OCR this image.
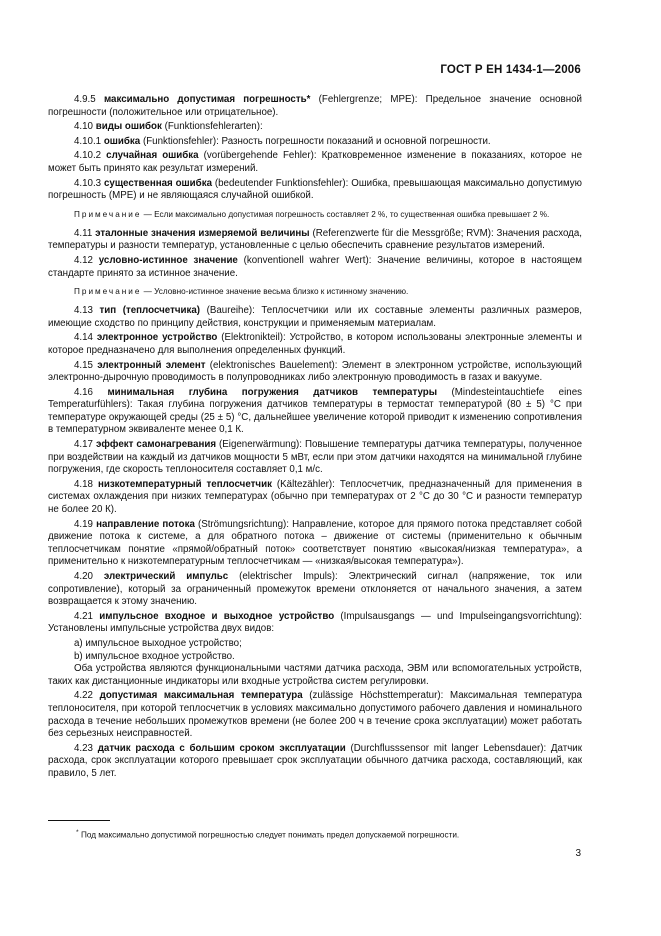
ГОСТ Р ЕН 1434-1—2006

4.9.5 максимально допустимая погрешность* (Fehlergrenze; MPE): Предельное значение основной погрешности (положительное или отрицательное).

4.10 виды ошибок (Funktionsfehlerarten):

4.10.1 ошибка (Funktionsfehler): Разность погрешности показаний и основной погрешности.

4.10.2 случайная ошибка (vorübergehende Fehler): Кратковременное изменение в показаниях, которое не может быть принято как результат измерений.

4.10.3 существенная ошибка (bedeutender Funktionsfehler): Ошибка, превышающая максимально допустимую погрешность (MPE) и не являющаяся случайной ошибкой.

Примечание — Если максимально допустимая погрешность составляет 2 %, то существенная ошибка превышает 2 %.

4.11 эталонные значения измеряемой величины (Referenzwerte für die Messgröße; RVM): Значения расхода, температуры и разности температур, установленные с целью обеспечить сравнение результатов измерений.

4.12 условно-истинное значение (konventionell wahrer Wert): Значение величины, которое в настоящем стандарте принято за истинное значение.

Примечание — Условно-истинное значение весьма близко к истинному значению.

4.13 тип (теплосчетчика) (Baureihe): Теплосчетчики или их составные элементы различных размеров, имеющие сходство по принципу действия, конструкции и применяемым материалам.

4.14 электронное устройство (Elektronikteil): Устройство, в котором использованы электронные элементы и которое предназначено для выполнения определенных функций.

4.15 электронный элемент (elektronisches Bauelement): Элемент в электронном устройстве, использующий электронно-дырочную проводимость в полупроводниках либо электронную проводимость в газах и вакууме.

4.16 минимальная глубина погружения датчиков температуры (Mindesteintauchtiefe eines Temperaturfühlers): Такая глубина погружения датчиков температуры в термостат температурой (80 ± 5) °С при температуре окружающей среды (25 ± 5) °С, дальнейшее увеличение которой приводит к изменению сопротивления в температурном эквиваленте менее 0,1 К.

4.17 эффект самонагревания (Eigenerwärmung): Повышение температуры датчика температуры, полученное при воздействии на каждый из датчиков мощности 5 мВт, если при этом датчики находятся на минимальной глубине погружения, где скорость теплоносителя составляет 0,1 м/с.

4.18 низкотемпературный теплосчетчик (Kältezähler): Теплосчетчик, предназначенный для применения в системах охлаждения при низких температурах (обычно при температурах от 2 °С до 30 °С и разности температур не более 20 К).

4.19 направление потока (Strömungsrichtung): Направление, которое для прямого потока представляет собой движение потока к системе, а для обратного потока – движение от системы (применительно к обычным теплосчетчикам понятие «прямой/обратный поток» соответствует понятию «высокая/низкая температура», а применительно к низкотемпературным теплосчетчикам — «низкая/высокая температура»).

4.20 электрический импульс (elektrischer Impuls): Электрический сигнал (напряжение, ток или сопротивление), который за ограниченный промежуток времени отклоняется от начального значения, а затем возвращается к этому значению.

4.21 импульсное входное и выходное устройство (Impulsausgangs — und Impulseingangsvorrichtung): Установлены импульсные устройства двух видов:

а) импульсное выходное устройство;

b) импульсное входное устройство.

Оба устройства являются функциональными частями датчика расхода, ЭВМ или вспомогательных устройств, таких как дистанционные индикаторы или входные устройства систем регулировки.

4.22 допустимая максимальная температура (zulässige Höchsttemperatur): Максимальная температура теплоносителя, при которой теплосчетчик в условиях максимально допустимого рабочего давления и номинального расхода в течение небольших промежутков времени (не более 200 ч в течение срока эксплуатации) может работать без серьезных неисправностей.

4.23 датчик расхода с большим сроком эксплуатации (Durchflusssensor mit langer Lebensdauer): Датчик расхода, срок эксплуатации которого превышает срок эксплуатации обычного датчика расхода, составляющий, как правило, 5 лет.

* Под максимально допустимой погрешностью следует понимать предел допускаемой погрешности.
3
